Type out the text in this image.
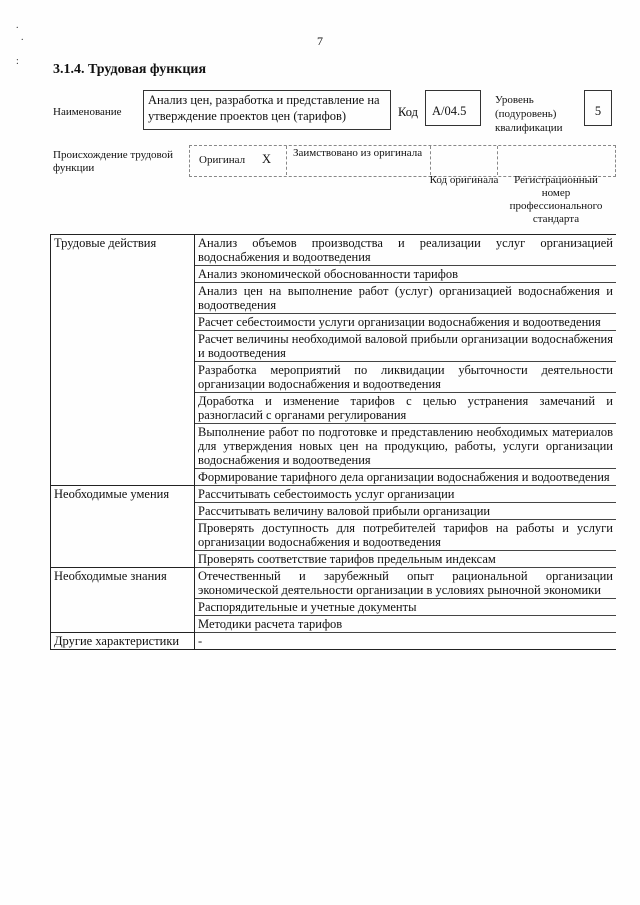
.
.

:
7
3.1.4. Трудовая функция
Наименование
Анализ цен, разработка и представление на утверждение проектов цен (тарифов)	Код	A/04.5
Уровень (подуровень) квалификации
5
Происхождение трудовой функции
Оригинал X Заимствовано из оригинала
Код оригинала	Регистрационный номер профессионального стандарта
Трудовые действия	Анализ объемов производства и реализации услуг организацией водоснабжения и водоотведения
	Анализ экономической обоснованности тарифов
	Анализ цен на выполнение работ (услуг) организацией водоснабжения и водоотведения
	Расчет себестоимости услуги организации водоснабжения и водоотведения
	Расчет величины необходимой валовой прибыли организации водоснабжения и водоотведения
	Разработка мероприятий по ликвидации убыточности деятельности организации водоснабжения и водоотведения
	Доработка и изменение тарифов с целью устранения замечаний и разногласий с органами регулирования
	Выполнение работ по подготовке и представлению необходимых материалов для утверждения новых цен на продукцию, работы, услуги организации водоснабжения и водоотведения
	Формирование тарифного дела организации водоснабжения и водоотведения
Необходимые умения	Рассчитывать себестоимость услуг организации
	Рассчитывать величину валовой прибыли организации
	Проверять доступность для потребителей тарифов на работы и услуги организации водоснабжения и водоотведения
	Проверять соответствие тарифов предельным индексам
Необходимые знания	Отечественный и зарубежный опыт рациональной организации экономической деятельности организации в условиях рыночной экономики
	Распорядительные и учетные документы
	Методики расчета тарифов
Другие характеристики	-
